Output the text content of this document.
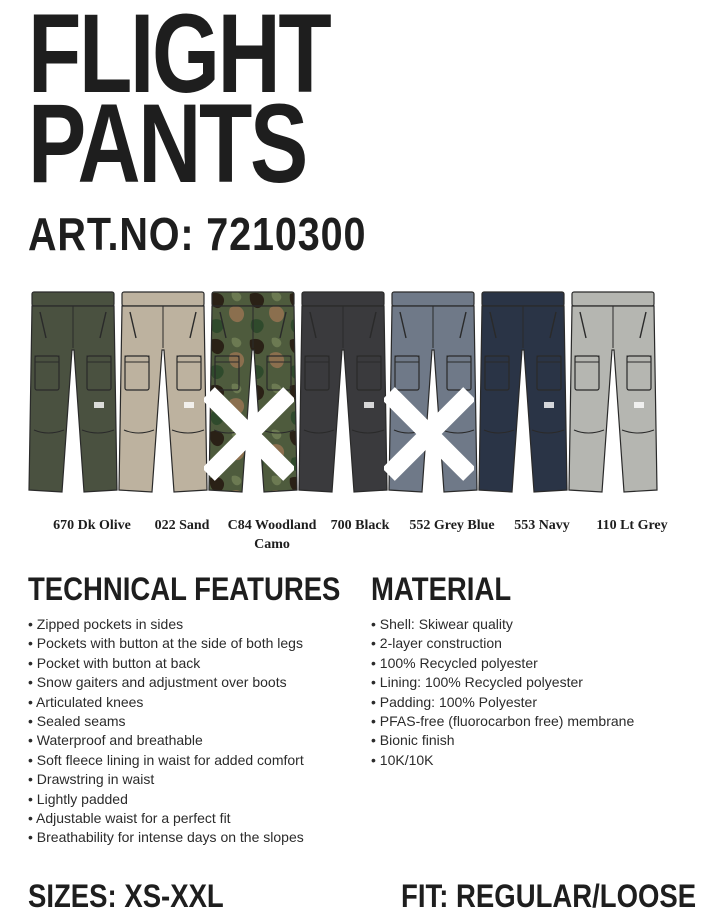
FLIGHT
PANTS
ART.NO: 7210300
670 Dk Olive	022 Sand	C84 Woodland Camo
700 Black	552 Grey Blue	553 Navy	110 Lt Grey
TECHNICAL FEATURES
• Zipped pockets in sides
• Pockets with button at the side of both legs
• Pocket with button at back
• Snow gaiters and adjustment over boots
• Articulated knees
• Sealed seams
• Waterproof and breathable
• Soft fleece lining in waist for added comfort
• Drawstring in waist
• Lightly padded
• Adjustable waist for a perfect fit
• Breathability for intense days on the slopes
MATERIAL
• Shell: Skiwear quality
• 2-layer construction
• 100% Recycled polyester
• Lining: 100% Recycled polyester
• Padding: 100% Polyester
• PFAS-free (fluorocarbon free) membrane
• Bionic finish
• 10K/10K
SIZES: XS-XXL	FIT: REGULAR/LOOSE
